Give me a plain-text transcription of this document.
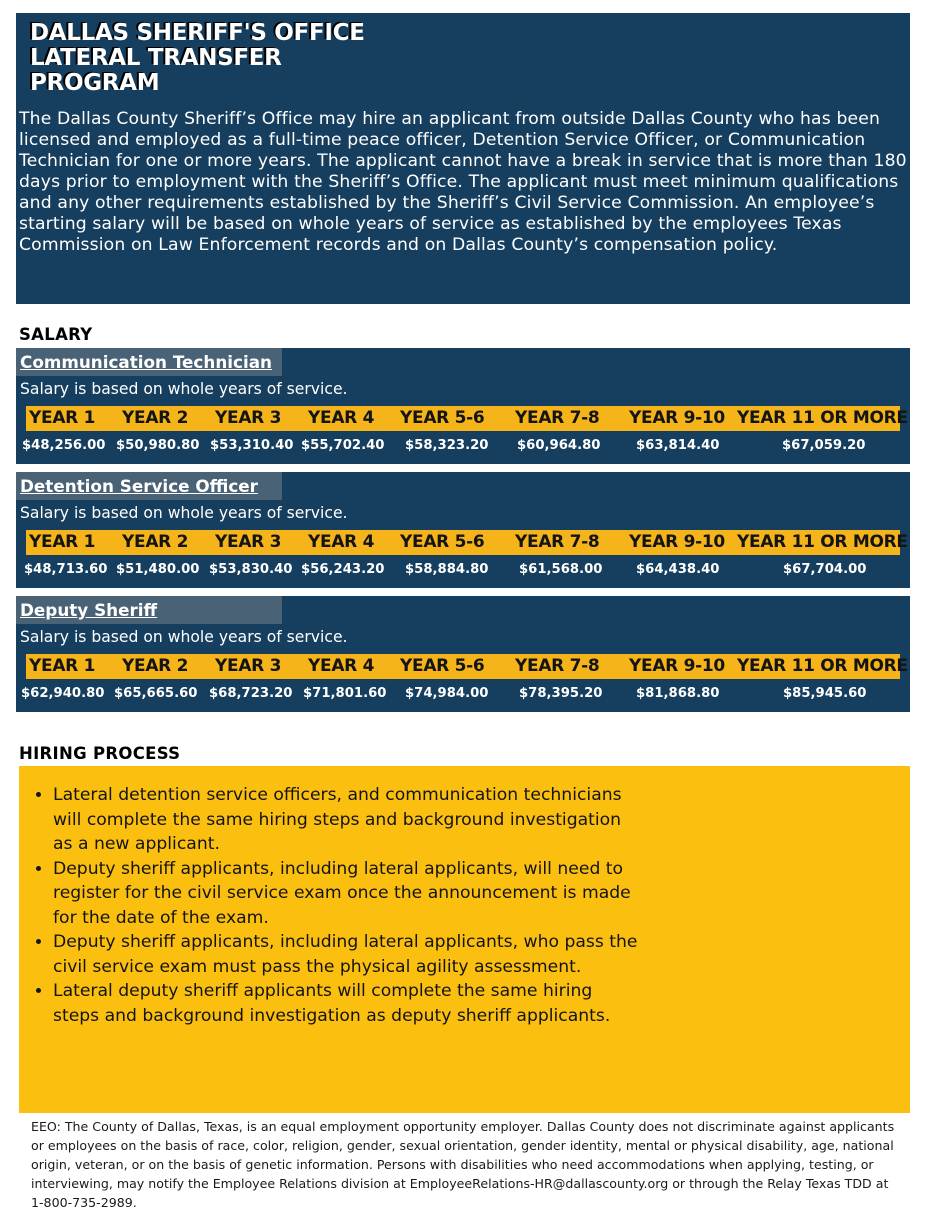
DALLAS SHERIFF'S OFFICE LATERAL TRANSFER PROGRAM
The Dallas County Sheriff’s Office may hire an applicant from outside Dallas County who has been licensed and employed as a full-time peace officer, Detention Service Officer, or Communication Technician for one or more years. The applicant cannot have a break in service that is more than 180 days prior to employment with the Sheriff’s Office. The applicant must meet minimum qualifications and any other requirements established by the Sheriff’s Civil Service Commission. An employee’s starting salary will be based on whole years of service as established by the employees Texas Commission on Law Enforcement records and on Dallas County’s compensation policy.
SALARY
Communication Technician
Salary is based on whole years of service.
YEAR 1 YEAR 2 YEAR 3 YEAR 4 YEAR 5-6 YEAR 7-8 YEAR 9-10 YEAR 11 OR MORE
$48,256.00 $50,980.80 $53,310.40 $55,702.40 $58,323.20 $60,964.80	$63,814.40	$67,059.20
Detention Service Officer
Salary is based on whole years of service.
YEAR 1 YEAR 2 YEAR 3 YEAR 4 YEAR 5-6 YEAR 7-8 YEAR 9-10 YEAR 11 OR MORE
$48,713.60 $51,480.00 $53,830.40 $56,243.20 $58,884.80 $61,568.00	$64,438.40	$67,704.00
Deputy Sheriff
Salary is based on whole years of service.
YEAR 1 YEAR 2 YEAR 3 YEAR 4 YEAR 5-6 YEAR 7-8 YEAR 9-10 YEAR 11 OR MORE
$62,940.80 $65,665.60 $68,723.20 $71,801.60 $74,984.00 $78,395.20	$81,868.80	$85,945.60
HIRING PROCESS
• Lateral detention service officers, and communication technicians will complete the same hiring steps and background investigation as a new applicant.
• Deputy sheriff applicants, including lateral applicants, will need to register for the civil service exam once the announcement is made for the date of the exam.
• Deputy sheriff applicants, including lateral applicants, who pass the civil service exam must pass the physical agility assessment.
• Lateral deputy sheriff applicants will complete the same hiring steps and background investigation as deputy sheriff applicants.
EEO: The County of Dallas, Texas, is an equal employment opportunity employer. Dallas County does not discriminate against applicants or employees on the basis of race, color, religion, gender, sexual orientation, gender identity, mental or physical disability, age, national origin, veteran, or on the basis of genetic information. Persons with disabilities who need accommodations when applying, testing, or interviewing, may notify the Employee Relations division at EmployeeRelations-HR@dallascounty.org or through the Relay Texas TDD at 1-800-735-2989.
